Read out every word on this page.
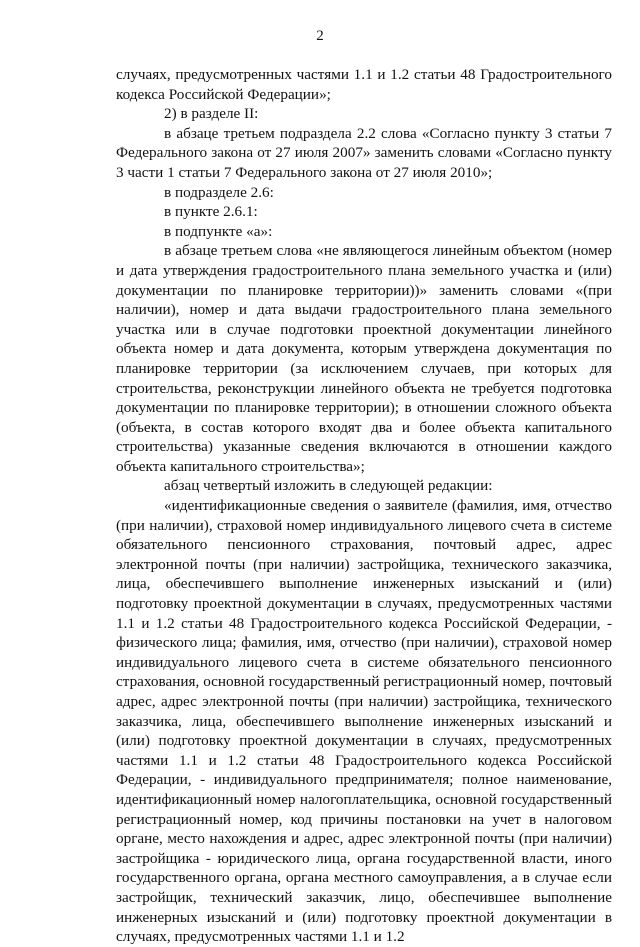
2

случаях, предусмотренных частями 1.1 и 1.2 статьи 48 Градостроительного кодекса Российской Федерации»;

2) в разделе II:

в абзаце третьем подраздела 2.2 слова «Согласно пункту 3 статьи 7 Федерального закона от 27 июля 2007» заменить словами «Согласно пункту 3 части 1 статьи 7 Федерального закона от 27 июля 2010»;

в подразделе 2.6:

в пункте 2.6.1:

в подпункте «а»:

в абзаце третьем слова «не являющегося линейным объектом (номер и дата утверждения градостроительного плана земельного участка и (или) документации по планировке территории))» заменить словами «(при наличии), номер и дата выдачи градостроительного плана земельного участка или в случае подготовки проектной документации линейного объекта номер и дата документа, которым утверждена документация по планировке территории (за исключением случаев, при которых для строительства, реконструкции линейного объекта не требуется подготовка документации по планировке территории); в отношении сложного объекта (объекта, в состав которого входят два и более объекта капитального строительства) указанные сведения включаются в отношении каждого объекта капитального строительства»;

абзац четвертый изложить в следующей редакции:

«идентификационные сведения о заявителе (фамилия, имя, отчество (при наличии), страховой номер индивидуального лицевого счета в системе обязательного пенсионного страхования, почтовый адрес, адрес электронной почты (при наличии) застройщика, технического заказчика, лица, обеспечившего выполнение инженерных изысканий и (или) подготовку проектной документации в случаях, предусмотренных частями 1.1 и 1.2 статьи 48 Градостроительного кодекса Российской Федерации, - физического лица; фамилия, имя, отчество (при наличии), страховой номер индивидуального лицевого счета в системе обязательного пенсионного страхования, основной государственный регистрационный номер, почтовый адрес, адрес электронной почты (при наличии) застройщика, технического заказчика, лица, обеспечившего выполнение инженерных изысканий и (или) подготовку проектной документации в случаях, предусмотренных частями 1.1 и 1.2 статьи 48 Градостроительного кодекса Российской Федерации, - индивидуального предпринимателя; полное наименование, идентификационный номер налогоплательщика, основной государственный регистрационный номер, код причины постановки на учет в налоговом органе, место нахождения и адрес, адрес электронной почты (при наличии) застройщика - юридического лица, органа государственной власти, иного государственного органа, органа местного самоуправления, а в случае если застройщик, технический заказчик, лицо, обеспечившее выполнение инженерных изысканий и (или) подготовку проектной документации в случаях, предусмотренных частями 1.1 и 1.2
